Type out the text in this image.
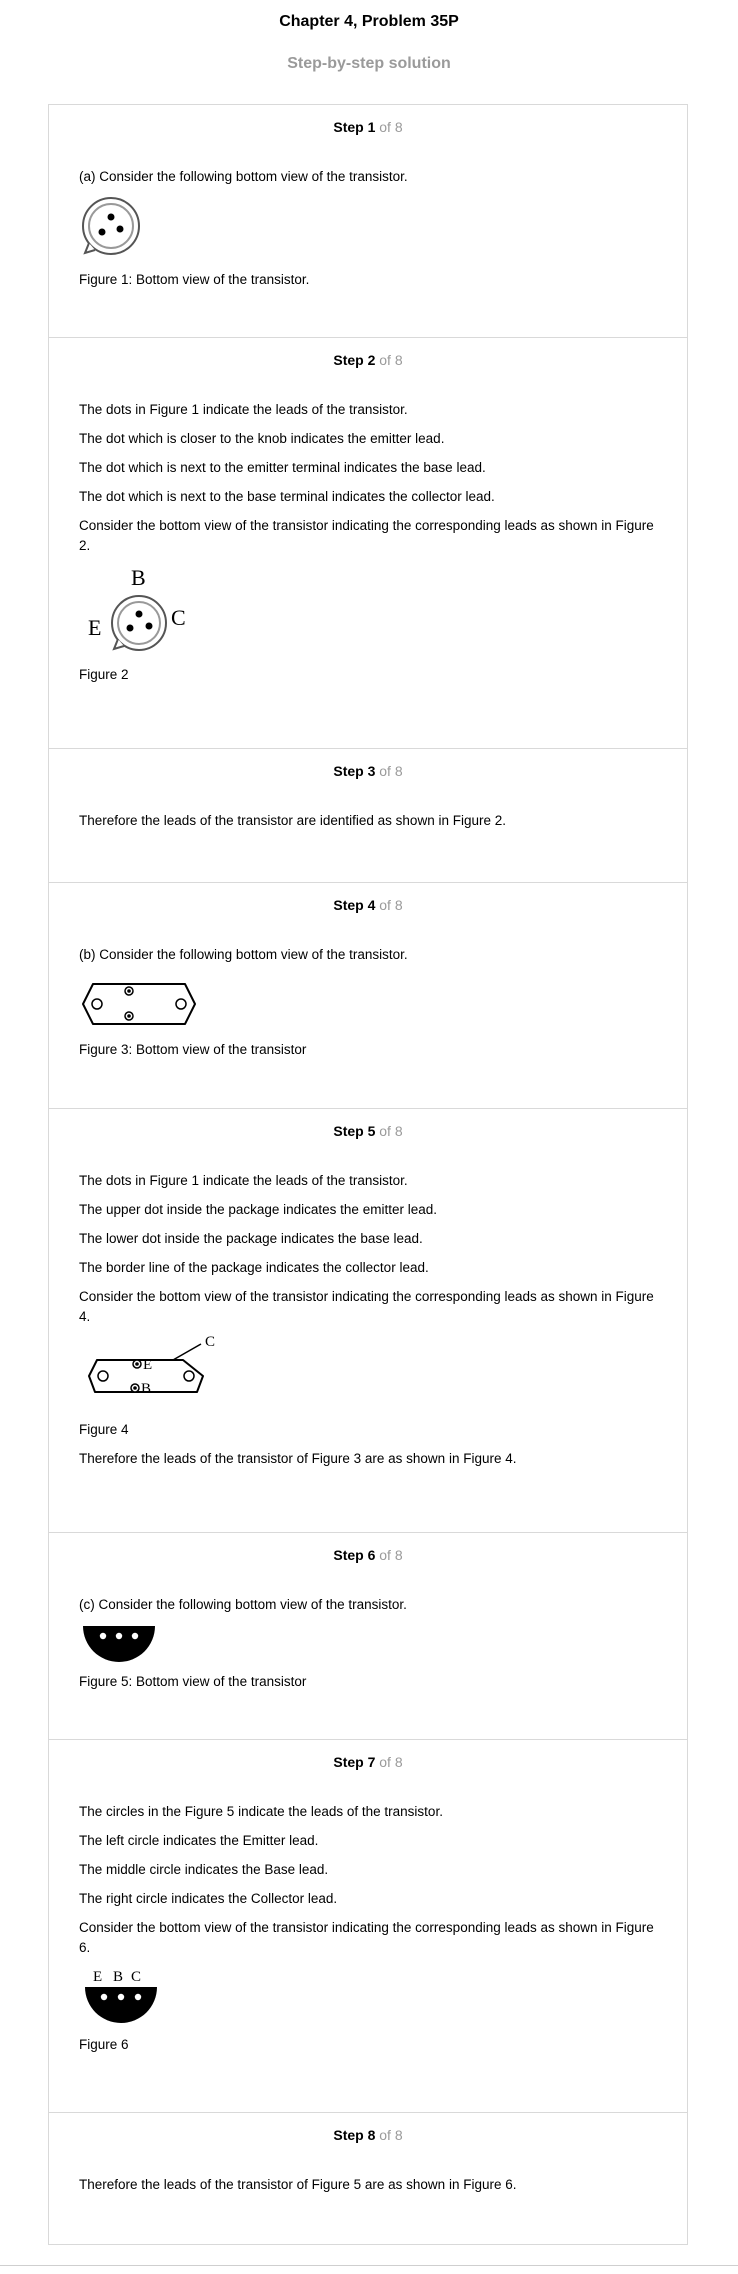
Chapter 4, Problem 35P
Step-by-step solution
Step 1 of 8

(a) Consider the following bottom view of the transistor.

Figure 1: Bottom view of the transistor.

Step 2 of 8

The dots in Figure 1 indicate the leads of the transistor.

The dot which is closer to the knob indicates the emitter lead.

The dot which is next to the emitter terminal indicates the base lead.

The dot which is next to the base terminal indicates the collector lead.

Consider the bottom view of the transistor indicating the corresponding leads as shown in Figure 2.

B
E	C

Figure 2

Step 3 of 8

Therefore the leads of the transistor are identified as shown in Figure 2.

Step 4 of 8

(b) Consider the following bottom view of the transistor.

Figure 3: Bottom view of the transistor

Step 5 of 8

The dots in Figure 1 indicate the leads of the transistor.

The upper dot inside the package indicates the emitter lead.

The lower dot inside the package indicates the base lead.

The border line of the package indicates the collector lead.

Consider the bottom view of the transistor indicating the corresponding leads as shown in Figure 4.

C
E
B

Figure 4

Therefore the leads of the transistor of Figure 3 are as shown in Figure 4.

Step 6 of 8

(c) Consider the following bottom view of the transistor.

Figure 5: Bottom view of the transistor

Step 7 of 8

The circles in the Figure 5 indicate the leads of the transistor.

The left circle indicates the Emitter lead.

The middle circle indicates the Base lead.

The right circle indicates the Collector lead.

Consider the bottom view of the transistor indicating the corresponding leads as shown in Figure 6.

E B C

Figure 6

Step 8 of 8

Therefore the leads of the transistor of Figure 5 are as shown in Figure 6.
